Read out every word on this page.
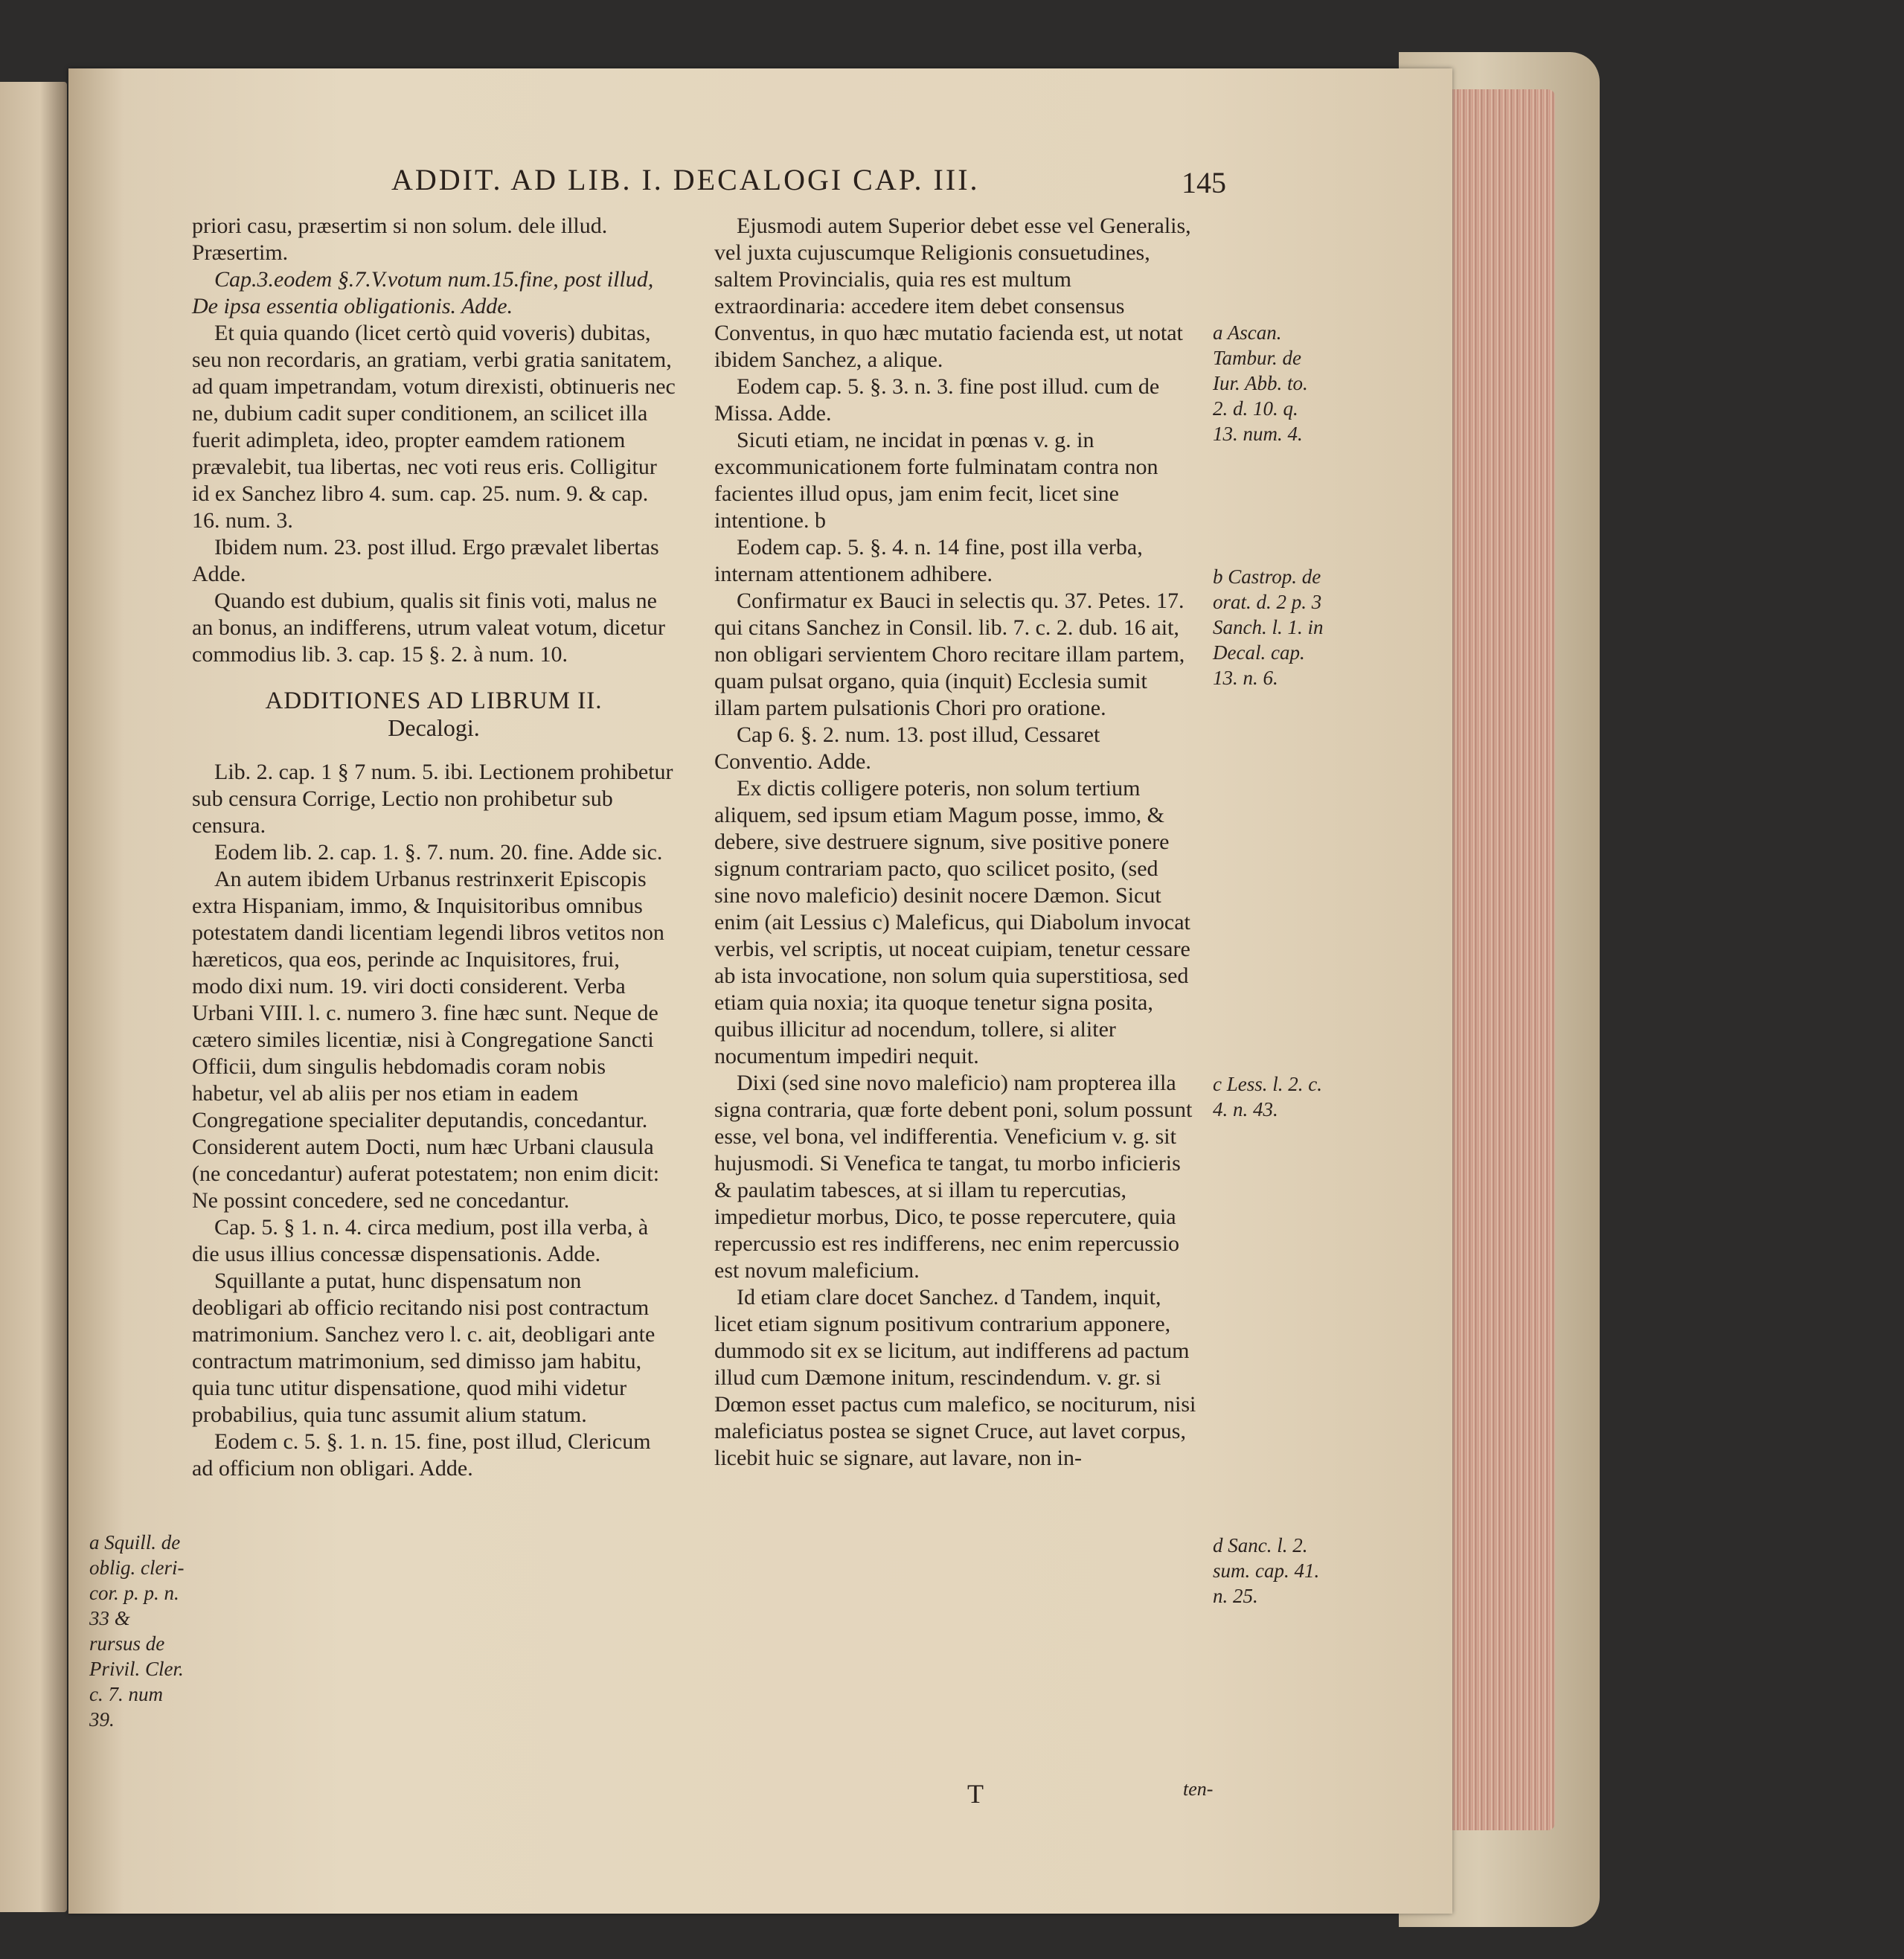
ADDIT. AD LIB. I. DECALOGI CAP. III.	145

priori casu, præsertim si non solum. dele illud. Præsertim.

Cap.3.eodem §.7.V.votum num.15.fine, post illud, De ipsa essentia obligationis. Adde.

Et quia quando (licet certò quid voveris) dubitas, seu non recordaris, an gratiam, verbi gratia sanitatem, ad quam impetrandam, votum direxisti, obtinueris nec ne, dubium cadit super conditionem, an scilicet illa fuerit adimpleta, ideo, propter eamdem rationem prævalebit, tua libertas, nec voti reus eris. Colligitur id ex Sanchez libro 4. sum. cap. 25. num. 9. & cap. 16. num. 3.

Ibidem num. 23. post illud. Ergo prævalet libertas Adde.

Quando est dubium, qualis sit finis voti, malus ne an bonus, an indifferens, utrum valeat votum, dicetur commodius lib. 3. cap. 15 §. 2. à num. 10.

ADDITIONES AD LIBRUM II.
Decalogi.

Lib. 2. cap. 1 § 7 num. 5. ibi. Lectionem prohibetur sub censura Corrige, Lectio non prohibetur sub censura.

Eodem lib. 2. cap. 1. §. 7. num. 20. fine. Adde sic.

An autem ibidem Urbanus restrinxerit Episcopis extra Hispaniam, immo, & Inquisitoribus omnibus potestatem dandi licentiam legendi libros vetitos non hæreticos, qua eos, perinde ac Inquisitores, frui, modo dixi num. 19. viri docti considerent. Verba Urbani VIII. l. c. numero 3. fine hæc sunt. Neque de cætero similes licentiæ, nisi à Congregatione Sancti Officii, dum singulis hebdomadis coram nobis habetur, vel ab aliis per nos etiam in eadem Congregatione specialiter deputandis, concedantur. Considerent autem Docti, num hæc Urbani clausula (ne concedantur) auferat potestatem; non enim dicit: Ne possint concedere, sed ne concedantur.

Cap. 5. § 1. n. 4. circa medium, post illa verba, à die usus illius concessæ dispensationis. Adde.

Squillante a putat, hunc dispensatum non deobligari ab officio recitando nisi post contractum matrimonium. Sanchez vero l. c. ait, deobligari ante contractum matrimonium, sed dimisso jam habitu, quia tunc utitur dispensatione, quod mihi videtur probabilius, quia tunc assumit alium statum.

Eodem c. 5. §. 1. n. 15. fine, post illud, Clericum ad officium non obligari. Adde.

Ejusmodi autem Superior debet esse vel Generalis, vel juxta cujuscumque Religionis consuetudines, saltem Provincialis, quia res est multum extraordinaria: accedere item debet consensus Conventus, in quo hæc mutatio facienda est, ut notat ibidem Sanchez, a alique.

Eodem cap. 5. §. 3. n. 3. fine post illud. cum de Missa. Adde.

Sicuti etiam, ne incidat in pœnas v. g. in excommunicationem forte fulminatam contra non facientes illud opus, jam enim fecit, licet sine intentione. b

Eodem cap. 5. §. 4. n. 14 fine, post illa verba, internam attentionem adhibere.

Confirmatur ex Bauci in selectis qu. 37. Petes. 17. qui citans Sanchez in Consil. lib. 7. c. 2. dub. 16 ait, non obligari servientem Choro recitare illam partem, quam pulsat organo, quia (inquit) Ecclesia sumit illam partem pulsationis Chori pro oratione.

Cap 6. §. 2. num. 13. post illud, Cessaret Conventio. Adde.

Ex dictis colligere poteris, non solum tertium aliquem, sed ipsum etiam Magum posse, immo, & debere, sive destruere signum, sive positive ponere signum contrariam pacto, quo scilicet posito, (sed sine novo maleficio) desinit nocere Dæmon. Sicut enim (ait Lessius c) Maleficus, qui Diabolum invocat verbis, vel scriptis, ut noceat cuipiam, tenetur cessare ab ista invocatione, non solum quia superstitiosa, sed etiam quia noxia; ita quoque tenetur signa posita, quibus illicitur ad nocendum, tollere, si aliter nocumentum impediri nequit.

Dixi (sed sine novo maleficio) nam propterea illa signa contraria, quæ forte debent poni, solum possunt esse, vel bona, vel indifferentia. Veneficium v. g. sit hujusmodi. Si Venefica te tangat, tu morbo inficieris & paulatim tabesces, at si illam tu repercutias, impedietur morbus, Dico, te posse repercutere, quia repercussio est res indifferens, nec enim repercussio est novum maleficium.

Id etiam clare docet Sanchez. d Tandem, inquit, licet etiam signum positivum contrarium apponere, dummodo sit ex se licitum, aut indifferens ad pactum illud cum Dæmone initum, rescindendum. v. gr. si Dœmon esset pactus cum malefico, se nociturum, nisi maleficiatus postea se signet Cruce, aut lavet corpus, licebit huic se signare, aut lavare, non in-

a Ascan. Tambur. de Iur. Abb. to. 2. d. 10. q. 13. num. 4.
b Castrop. de orat. d. 2 p. 3 Sanch. l. 1. in Decal. cap. 13. n. 6.
c Less. l. 2. c. 4. n. 43.
d Sanc. l. 2. sum. cap. 41. n. 25.
a Squill. de oblig. cleri- cor. p. p. n. 33 & rursus de Privil. Cler. c. 7. num 39.
T	ten-
